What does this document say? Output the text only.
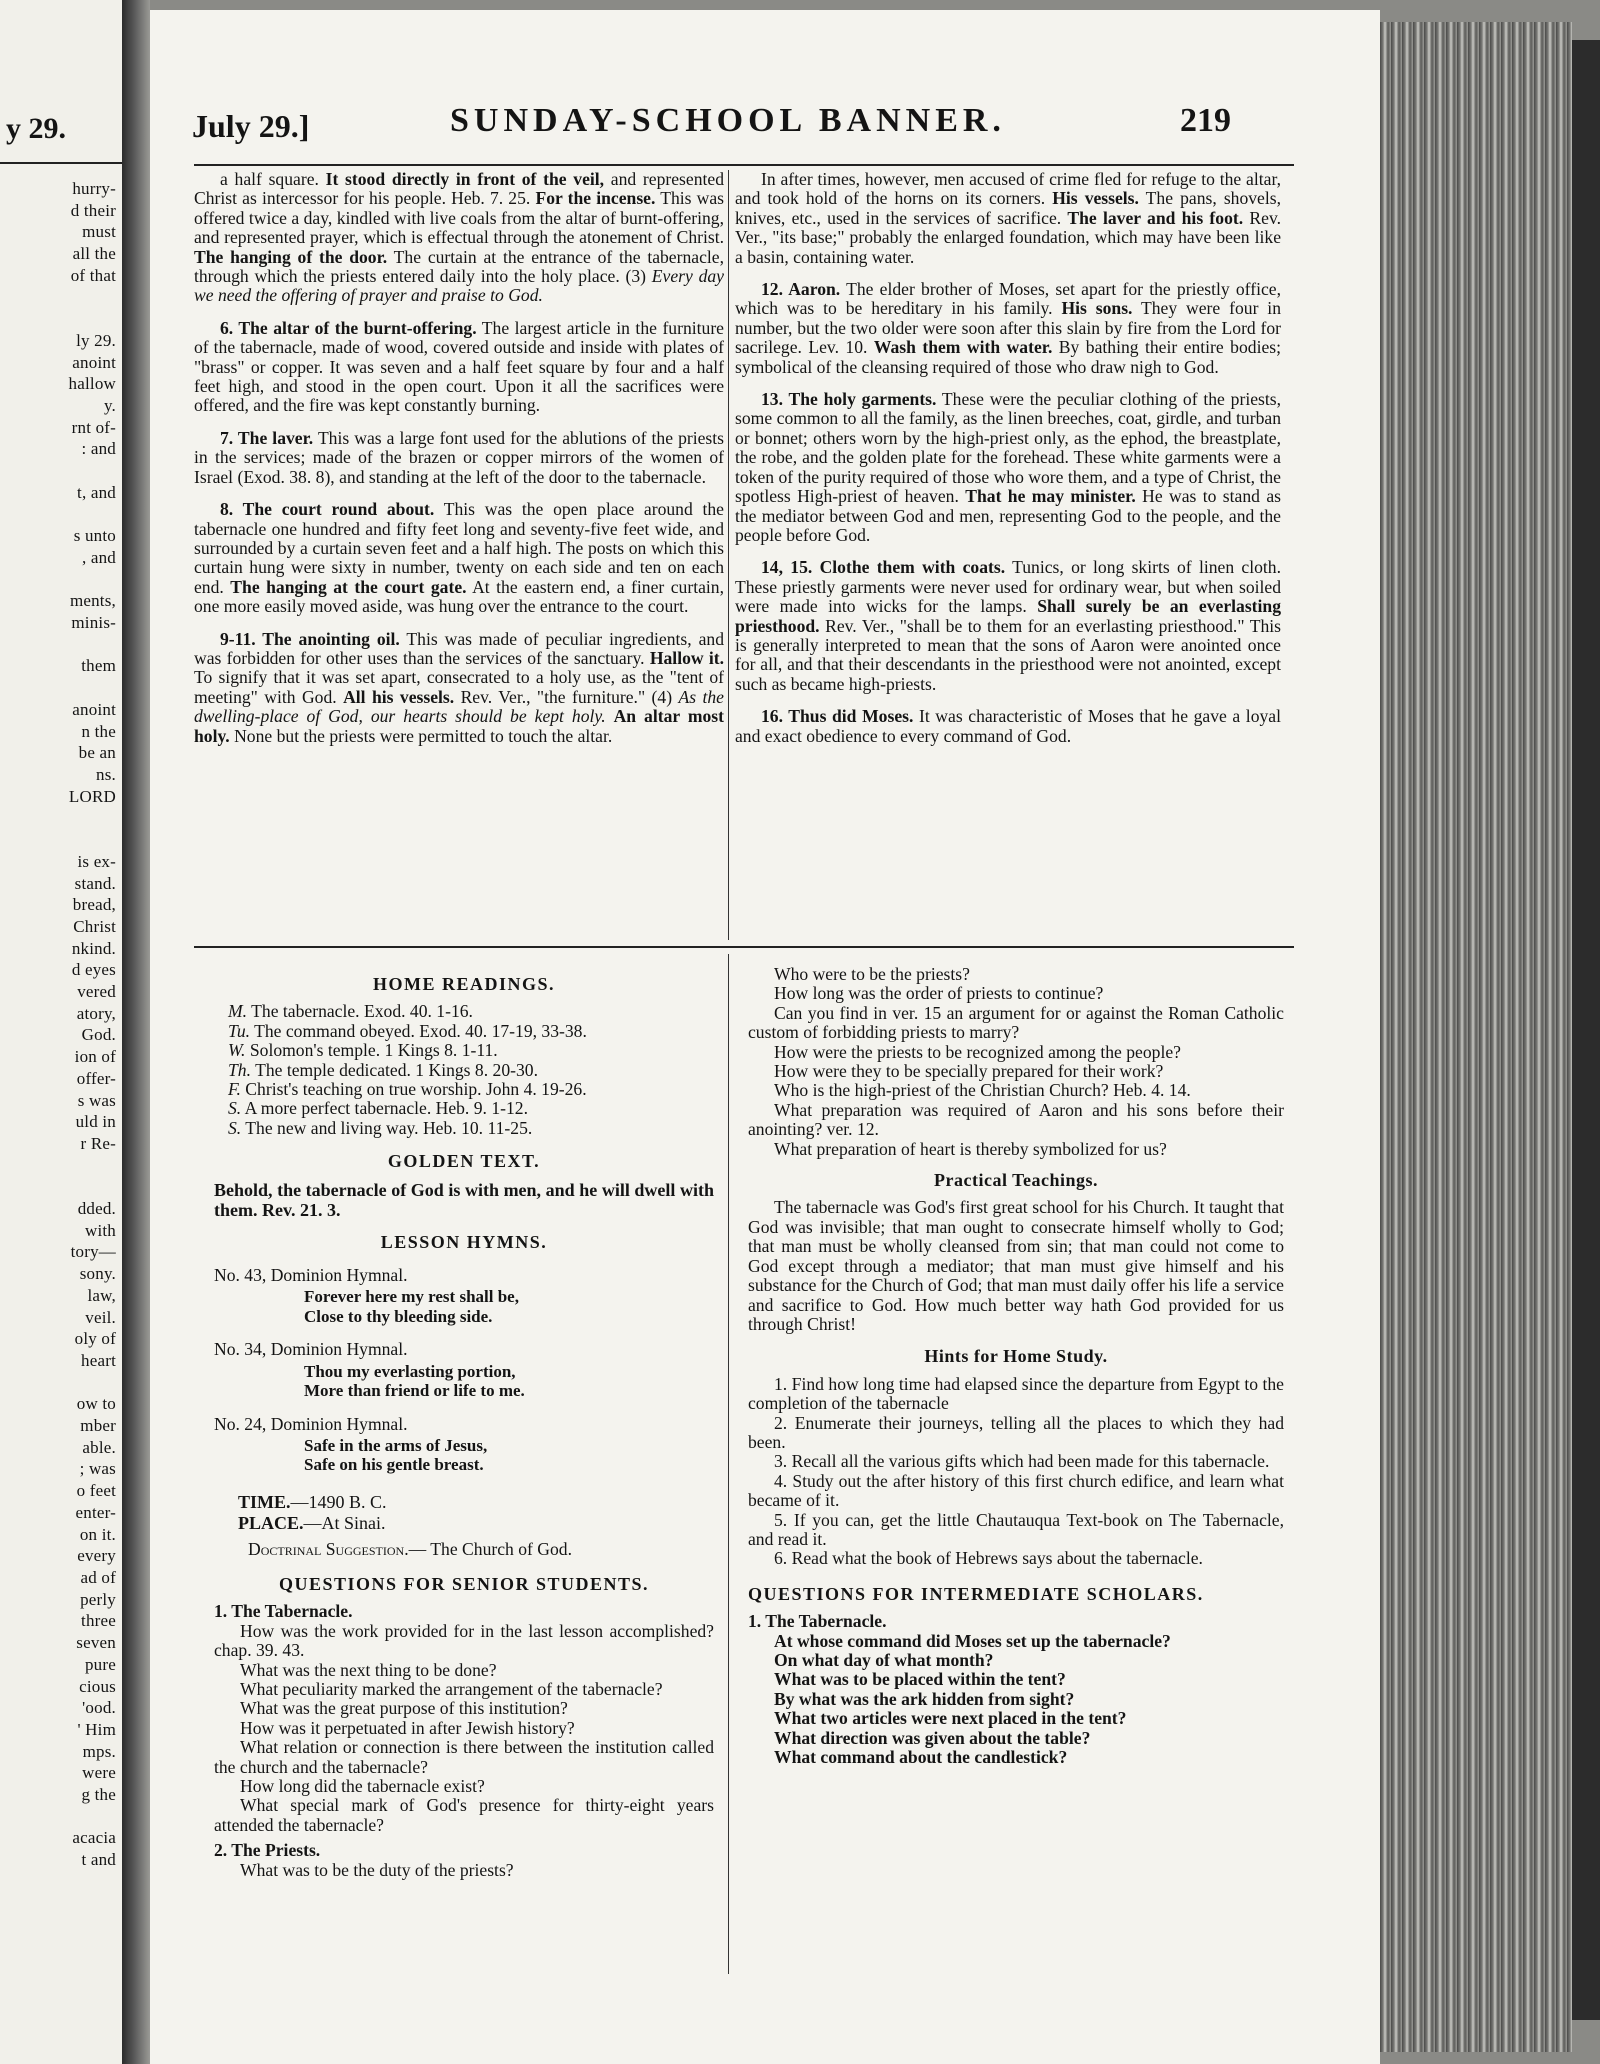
y 29.
hurry-
d their
must
all the
of that

ly 29.
anoint
hallow
y.
rnt of-
: and

t, and

s unto
, and

ments,
minis-

them

anoint
n the
be an
ns.
LORD

is ex-
stand.
bread,
Christ
nkind.
d eyes
vered
atory,
God.
ion of
offer-
s was
uld in
r Re-

dded.
with
tory—
sony.
law,
veil.
oly of
heart

ow to
mber
able.
; was
o feet
enter-
on it.
every
ad of
perly
three
seven
pure
cious
'ood.
' Him
mps.
were
g the

acacia
t and
July 29.]	SUNDAY-SCHOOL BANNER.	219

a half square. It stood directly in front of the veil, and represented Christ as intercessor for his people. Heb. 7. 25. For the incense. This was offered twice a day, kindled with live coals from the altar of burnt-offering, and represented prayer, which is effectual through the atonement of Christ. The hanging of the door. The curtain at the entrance of the tabernacle, through which the priests entered daily into the holy place. (3) Every day we need the offering of prayer and praise to God.

6. The altar of the burnt-offering. The largest article in the furniture of the tabernacle, made of wood, covered outside and inside with plates of "brass" or copper. It was seven and a half feet square by four and a half feet high, and stood in the open court. Upon it all the sacrifices were offered, and the fire was kept constantly burning.

7. The laver. This was a large font used for the ablutions of the priests in the services; made of the brazen or copper mirrors of the women of Israel (Exod. 38. 8), and standing at the left of the door to the tabernacle.

8. The court round about. This was the open place around the tabernacle one hundred and fifty feet long and seventy-five feet wide, and surrounded by a curtain seven feet and a half high. The posts on which this curtain hung were sixty in number, twenty on each side and ten on each end. The hanging at the court gate. At the eastern end, a finer curtain, one more easily moved aside, was hung over the entrance to the court.

9-11. The anointing oil. This was made of peculiar ingredients, and was forbidden for other uses than the services of the sanctuary. Hallow it. To signify that it was set apart, consecrated to a holy use, as the "tent of meeting" with God. All his vessels. Rev. Ver., "the furniture." (4) As the dwelling-place of God, our hearts should be kept holy. An altar most holy. None but the priests were permitted to touch the altar.

In after times, however, men accused of crime fled for refuge to the altar, and took hold of the horns on its corners. His vessels. The pans, shovels, knives, etc., used in the services of sacrifice. The laver and his foot. Rev. Ver., "its base;" probably the enlarged foundation, which may have been like a basin, containing water.

12. Aaron. The elder brother of Moses, set apart for the priestly office, which was to be hereditary in his family. His sons. They were four in number, but the two older were soon after this slain by fire from the Lord for sacrilege. Lev. 10. Wash them with water. By bathing their entire bodies; symbolical of the cleansing required of those who draw nigh to God.

13. The holy garments. These were the peculiar clothing of the priests, some common to all the family, as the linen breeches, coat, girdle, and turban or bonnet; others worn by the high-priest only, as the ephod, the breastplate, the robe, and the golden plate for the forehead. These white garments were a token of the purity required of those who wore them, and a type of Christ, the spotless High-priest of heaven. That he may minister. He was to stand as the mediator between God and men, representing God to the people, and the people before God.

14, 15. Clothe them with coats. Tunics, or long skirts of linen cloth. These priestly garments were never used for ordinary wear, but when soiled were made into wicks for the lamps. Shall surely be an everlasting priesthood. Rev. Ver., "shall be to them for an everlasting priesthood." This is generally interpreted to mean that the sons of Aaron were anointed once for all, and that their descendants in the priesthood were not anointed, except such as became high-priests.

16. Thus did Moses. It was characteristic of Moses that he gave a loyal and exact obedience to every command of God.

HOME READINGS.

M. The tabernacle. Exod. 40. 1-16.

Tu. The command obeyed. Exod. 40. 17-19, 33-38.

W. Solomon's temple. 1 Kings 8. 1-11.

Th. The temple dedicated. 1 Kings 8. 20-30.

F. Christ's teaching on true worship. John 4. 19-26.

S. A more perfect tabernacle. Heb. 9. 1-12.

S. The new and living way. Heb. 10. 11-25.

GOLDEN TEXT.

Behold, the tabernacle of God is with men, and he will dwell with them. Rev. 21. 3.

LESSON HYMNS.

No. 43, Dominion Hymnal.

Forever here my rest shall be,

Close to thy bleeding side.

No. 34, Dominion Hymnal.

Thou my everlasting portion,

More than friend or life to me.

No. 24, Dominion Hymnal.

Safe in the arms of Jesus,

Safe on his gentle breast.

TIME.—1490 B. C.

PLACE.—At Sinai.

Doctrinal Suggestion.— The Church of God.

QUESTIONS FOR SENIOR STUDENTS.

1. The Tabernacle.

How was the work provided for in the last lesson accomplished? chap. 39. 43.

What was the next thing to be done?

What peculiarity marked the arrangement of the tabernacle?

What was the great purpose of this institution?

How was it perpetuated in after Jewish history?

What relation or connection is there between the institution called the church and the tabernacle?

How long did the tabernacle exist?

What special mark of God's presence for thirty-eight years attended the tabernacle?

2. The Priests.

What was to be the duty of the priests?

Who were to be the priests?

How long was the order of priests to continue?

Can you find in ver. 15 an argument for or against the Roman Catholic custom of forbidding priests to marry?

How were the priests to be recognized among the people?

How were they to be specially prepared for their work?

Who is the high-priest of the Christian Church? Heb. 4. 14.

What preparation was required of Aaron and his sons before their anointing? ver. 12.

What preparation of heart is thereby symbolized for us?

Practical Teachings.

The tabernacle was God's first great school for his Church. It taught that God was invisible; that man ought to consecrate himself wholly to God; that man must be wholly cleansed from sin; that man could not come to God except through a mediator; that man must give himself and his substance for the Church of God; that man must daily offer his life a service and sacrifice to God. How much better way hath God provided for us through Christ!

Hints for Home Study.

1. Find how long time had elapsed since the departure from Egypt to the completion of the tabernacle

2. Enumerate their journeys, telling all the places to which they had been.

3. Recall all the various gifts which had been made for this tabernacle.

4. Study out the after history of this first church edifice, and learn what became of it.

5. If you can, get the little Chautauqua Text-book on The Tabernacle, and read it.

6. Read what the book of Hebrews says about the tabernacle.

QUESTIONS FOR INTERMEDIATE SCHOLARS.

1. The Tabernacle.

At whose command did Moses set up the tabernacle?

On what day of what month?

What was to be placed within the tent?

By what was the ark hidden from sight?

What two articles were next placed in the tent?

What direction was given about the table?

What command about the candlestick?
